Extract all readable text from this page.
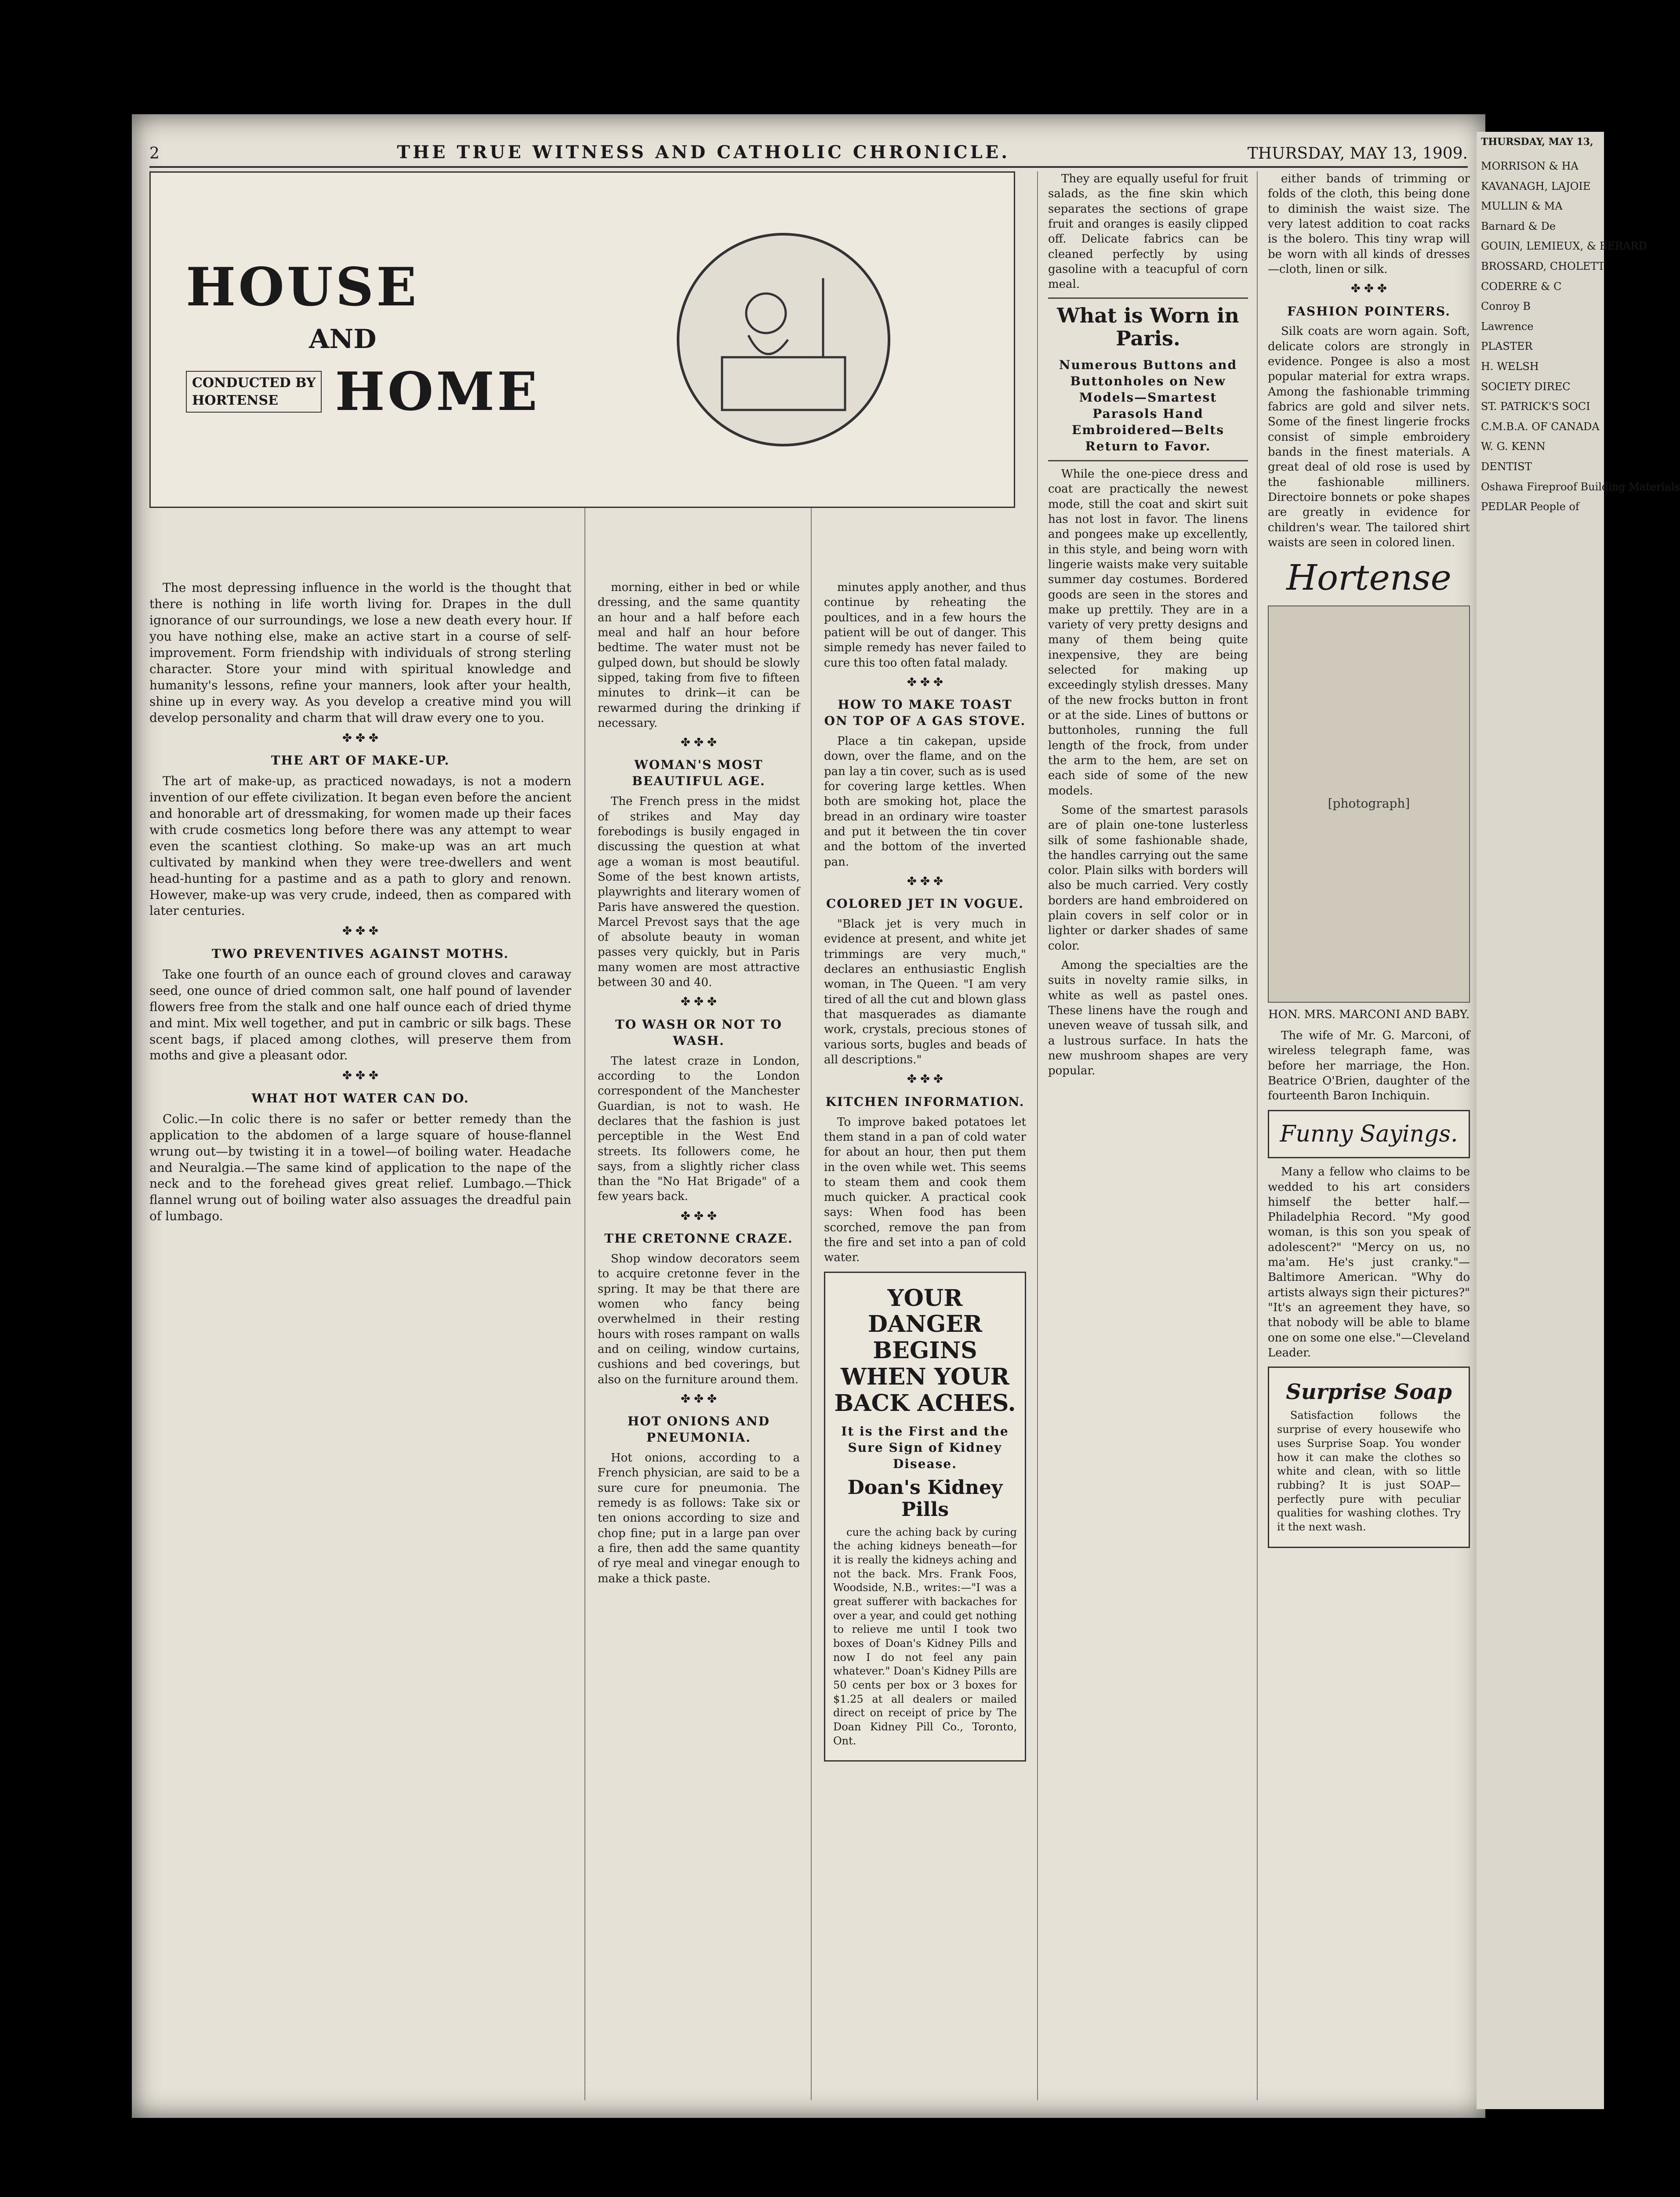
2	THE TRUE WITNESS AND CATHOLIC CHRONICLE.	THURSDAY, MAY 13, 1909.
HOUSE
AND
CONDUCTED BY
HORTENSE	HOME

The most depressing influence in the world is the thought that there is nothing in life worth living for. Drapes in the dull ignorance of our surroundings, we lose a new death every hour. If you have nothing else, make an active start in a course of self-improvement. Form friendship with individuals of strong sterling character. Store your mind with spiritual knowledge and humanity's lessons, refine your manners, look after your health, shine up in every way. As you develop a creative mind you will develop personality and charm that will draw every one to you.

✤ ✤ ✤
THE ART OF MAKE-UP.

The art of make-up, as practiced nowadays, is not a modern invention of our effete civilization. It began even before the ancient and honorable art of dressmaking, for women made up their faces with crude cosmetics long before there was any attempt to wear even the scantiest clothing. So make-up was an art much cultivated by mankind when they were tree-dwellers and went head-hunting for a pastime and as a path to glory and renown. However, make-up was very crude, indeed, then as compared with later centuries.

✤ ✤ ✤
TWO PREVENTIVES AGAINST MOTHS.

Take one fourth of an ounce each of ground cloves and caraway seed, one ounce of dried common salt, one half pound of lavender flowers free from the stalk and one half ounce each of dried thyme and mint. Mix well together, and put in cambric or silk bags. These scent bags, if placed among clothes, will preserve them from moths and give a pleasant odor.

✤ ✤ ✤
WHAT HOT WATER CAN DO.

Colic.—In colic there is no safer or better remedy than the application to the abdomen of a large square of house-flannel wrung out—by twisting it in a towel—of boiling water. Headache and Neuralgia.—The same kind of application to the nape of the neck and to the forehead gives great relief. Lumbago.—Thick flannel wrung out of boiling water also assuages the dreadful pain of lumbago.

morning, either in bed or while dressing, and the same quantity an hour and a half before each meal and half an hour before bedtime. The water must not be gulped down, but should be slowly sipped, taking from five to fifteen minutes to drink—it can be rewarmed during the drinking if necessary.

✤ ✤ ✤
WOMAN'S MOST BEAUTIFUL AGE.

The French press in the midst of strikes and May day forebodings is busily engaged in discussing the question at what age a woman is most beautiful. Some of the best known artists, playwrights and literary women of Paris have answered the question. Marcel Prevost says that the age of absolute beauty in woman passes very quickly, but in Paris many women are most attractive between 30 and 40.

✤ ✤ ✤
TO WASH OR NOT TO WASH.

The latest craze in London, according to the London correspondent of the Manchester Guardian, is not to wash. He declares that the fashion is just perceptible in the West End streets. Its followers come, he says, from a slightly richer class than the "No Hat Brigade" of a few years back.

✤ ✤ ✤
THE CRETONNE CRAZE.

Shop window decorators seem to acquire cretonne fever in the spring. It may be that there are women who fancy being overwhelmed in their resting hours with roses rampant on walls and on ceiling, window curtains, cushions and bed coverings, but also on the furniture around them.

✤ ✤ ✤
HOT ONIONS AND PNEUMONIA.

Hot onions, according to a French physician, are said to be a sure cure for pneumonia. The remedy is as follows: Take six or ten onions according to size and chop fine; put in a large pan over a fire, then add the same quantity of rye meal and vinegar enough to make a thick paste.

minutes apply another, and thus continue by reheating the poultices, and in a few hours the patient will be out of danger. This simple remedy has never failed to cure this too often fatal malady.

✤ ✤ ✤
HOW TO MAKE TOAST ON TOP OF A GAS STOVE.

Place a tin cakepan, upside down, over the flame, and on the pan lay a tin cover, such as is used for covering large kettles. When both are smoking hot, place the bread in an ordinary wire toaster and put it between the tin cover and the bottom of the inverted pan.

✤ ✤ ✤
COLORED JET IN VOGUE.

"Black jet is very much in evidence at present, and white jet trimmings are very much," declares an enthusiastic English woman, in The Queen. "I am very tired of all the cut and blown glass that masquerades as diamante work, crystals, precious stones of various sorts, bugles and beads of all descriptions."

✤ ✤ ✤
KITCHEN INFORMATION.

To improve baked potatoes let them stand in a pan of cold water for about an hour, then put them in the oven while wet. This seems to steam them and cook them much quicker. A practical cook says: When food has been scorched, remove the pan from the fire and set into a pan of cold water.

YOUR DANGER BEGINS WHEN YOUR BACK ACHES.
It is the First and the Sure Sign of Kidney Disease.
Doan's Kidney Pills

cure the aching back by curing the aching kidneys beneath—for it is really the kidneys aching and not the back. Mrs. Frank Foos, Woodside, N.B., writes:—"I was a great sufferer with backaches for over a year, and could get nothing to relieve me until I took two boxes of Doan's Kidney Pills and now I do not feel any pain whatever." Doan's Kidney Pills are 50 cents per box or 3 boxes for $1.25 at all dealers or mailed direct on receipt of price by The Doan Kidney Pill Co., Toronto, Ont.

They are equally useful for fruit salads, as the fine skin which separates the sections of grape fruit and oranges is easily clipped off. Delicate fabrics can be cleaned perfectly by using gasoline with a teacupful of corn meal.

What is Worn in Paris.
Numerous Buttons and Buttonholes on New Models—Smartest Parasols Hand Embroidered—Belts Return to Favor.

While the one-piece dress and coat are practically the newest mode, still the coat and skirt suit has not lost in favor. The linens and pongees make up excellently, in this style, and being worn with lingerie waists make very suitable summer day costumes. Bordered goods are seen in the stores and make up prettily. They are in a variety of very pretty designs and many of them being quite inexpensive, they are being selected for making up exceedingly stylish dresses. Many of the new frocks button in front or at the side. Lines of buttons or buttonholes, running the full length of the frock, from under the arm to the hem, are set on each side of some of the new models.

Some of the smartest parasols are of plain one-tone lusterless silk of some fashionable shade, the handles carrying out the same color. Plain silks with borders will also be much carried. Very costly borders are hand embroidered on plain covers in self color or in lighter or darker shades of same color.

Among the specialties are the suits in novelty ramie silks, in white as well as pastel ones. These linens have the rough and uneven weave of tussah silk, and a lustrous surface. In hats the new mushroom shapes are very popular.

either bands of trimming or folds of the cloth, this being done to diminish the waist size. The very latest addition to coat racks is the bolero. This tiny wrap will be worn with all kinds of dresses—cloth, linen or silk.

✤ ✤ ✤
FASHION POINTERS.

Silk coats are worn again. Soft, delicate colors are strongly in evidence. Pongee is also a most popular material for extra wraps. Among the fashionable trimming fabrics are gold and silver nets. Some of the finest lingerie frocks consist of simple embroidery bands in the finest materials. A great deal of old rose is used by the fashionable milliners. Directoire bonnets or poke shapes are greatly in evidence for children's wear. The tailored shirt waists are seen in colored linen.

Hortense
[photograph]
HON. MRS. MARCONI AND BABY.

The wife of Mr. G. Marconi, of wireless telegraph fame, was before her marriage, the Hon. Beatrice O'Brien, daughter of the fourteenth Baron Inchiquin.

Funny Sayings.

Many a fellow who claims to be wedded to his art considers himself the better half.—Philadelphia Record. "My good woman, is this son you speak of adolescent?" "Mercy on us, no ma'am. He's just cranky."—Baltimore American. "Why do artists always sign their pictures?" "It's an agreement they have, so that nobody will be able to blame one on some one else."—Cleveland Leader.

Surprise Soap

Satisfaction follows the surprise of every housewife who uses Surprise Soap. You wonder how it can make the clothes so white and clean, with so little rubbing? It is just SOAP—perfectly pure with peculiar qualities for washing clothes. Try it the next wash.

THURSDAY, MAY 13,
MORRISON & HA
KAVANAGH, LAJOIE
MULLIN & MA
Barnard & De
GOUIN, LEMIEUX, & BERARD
BROSSARD, CHOLETT
CODERRE & C
Conroy B
Lawrence
PLASTER
H. WELSH
SOCIETY DIREC
ST. PATRICK'S SOCI
C.M.B.A. OF CANADA
W. G. KENN
DENTIST
Oshawa Fireproof Building Materials
PEDLAR People of
